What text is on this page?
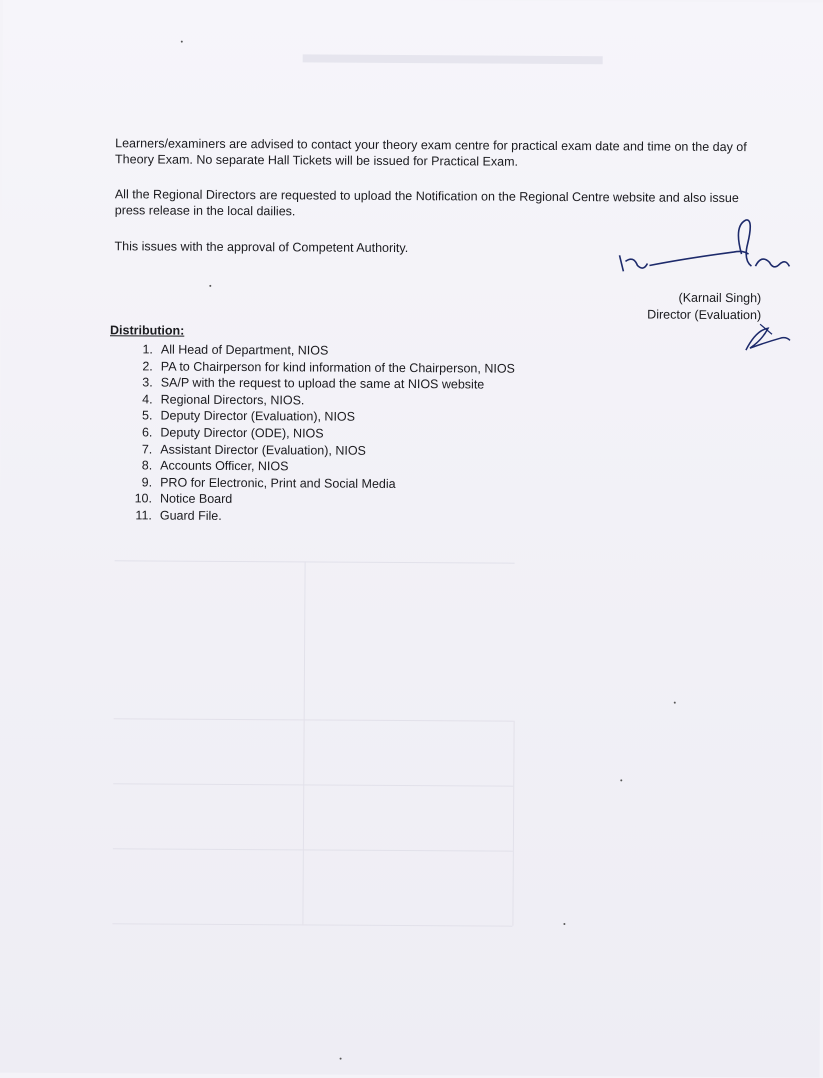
Learners/examiners are advised to contact your theory exam centre for practical exam date and time on the day of Theory Exam. No separate Hall Tickets will be issued for Practical Exam.

All the Regional Directors are requested to upload the Notification on the Regional Centre website and also issue press release in the local dailies.

This issues with the approval of Competent Authority.

(Karnail Singh)
Director (Evaluation)
Distribution:
1. All Head of Department, NIOS
2. PA to Chairperson for kind information of the Chairperson, NIOS
3. SA/P with the request to upload the same at NIOS website
4. Regional Directors, NIOS.
5. Deputy Director (Evaluation), NIOS
6. Deputy Director (ODE), NIOS
7. Assistant Director (Evaluation), NIOS
8. Accounts Officer, NIOS
9. PRO for Electronic, Print and Social Media
10. Notice Board
11. Guard File.
